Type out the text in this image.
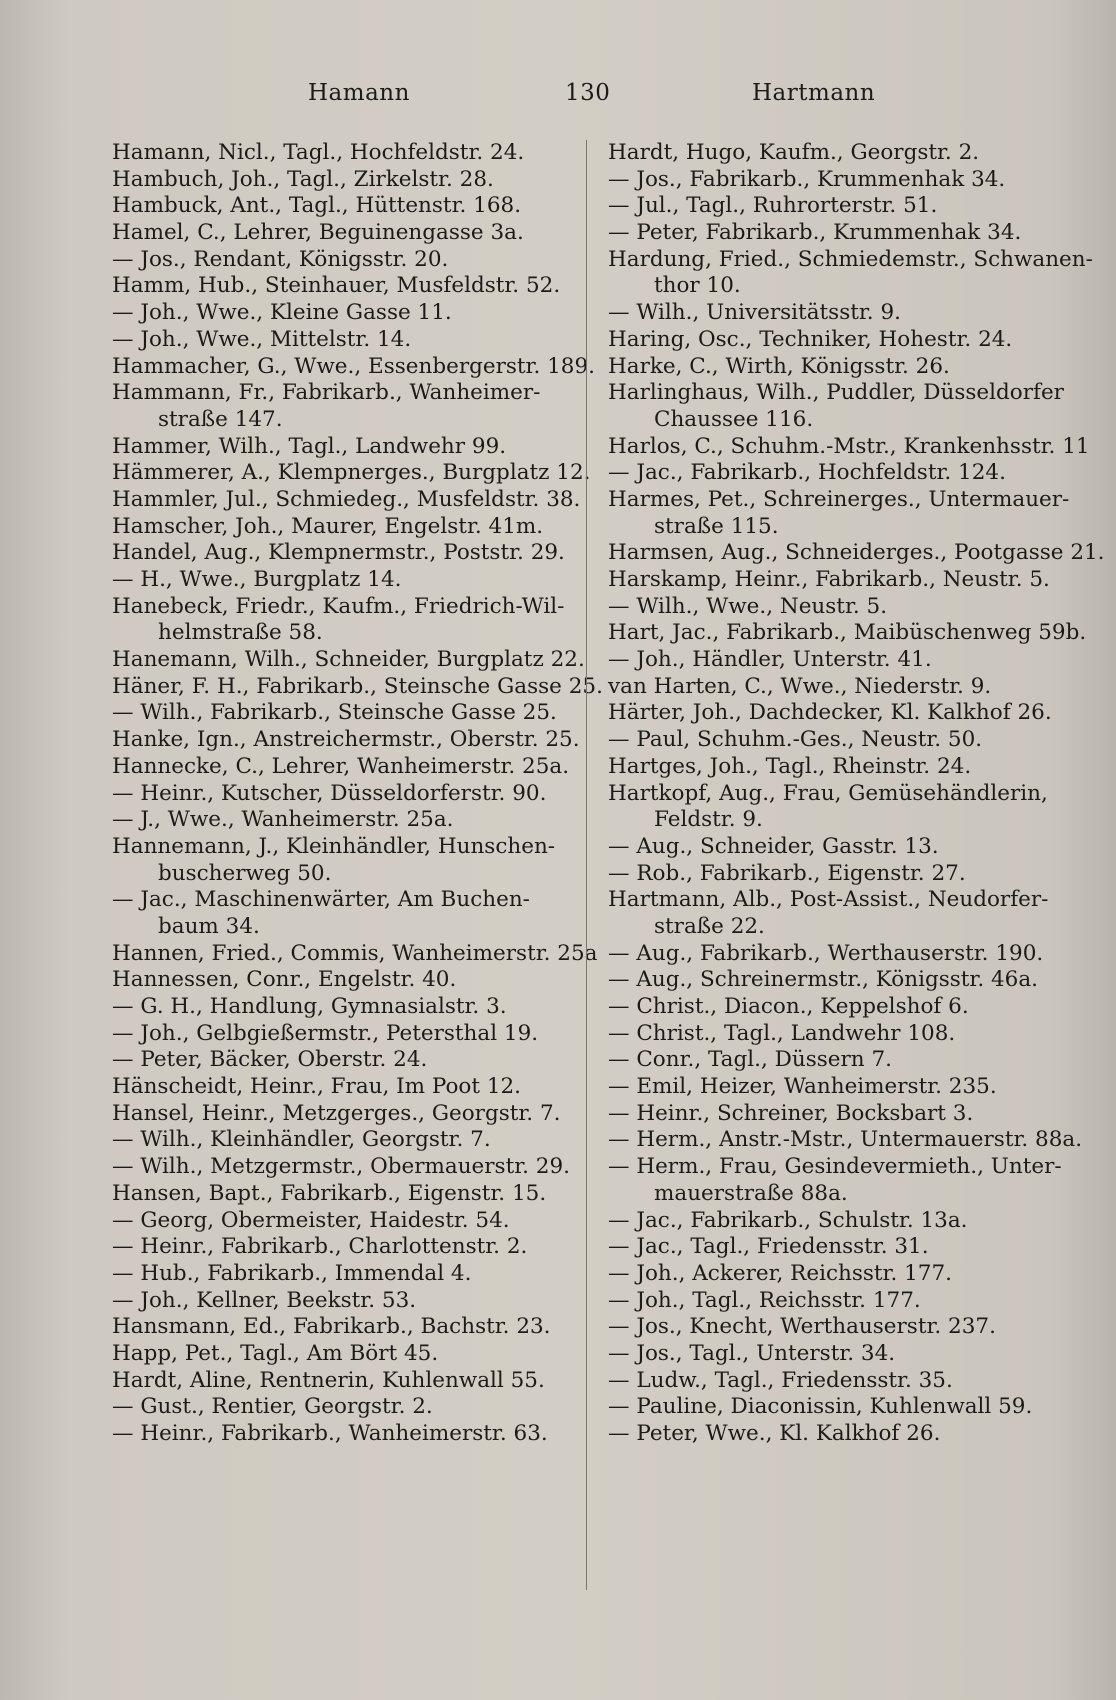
Hamann	130	Hartmann
Hamann, Nicl., Tagl., Hochfeldstr. 24.
Hambuch, Joh., Tagl., Zirkelstr. 28.
Hambuck, Ant., Tagl., Hüttenstr. 168.
Hamel, C., Lehrer, Beguinengasse 3a.
— Jos., Rendant, Königsstr. 20.
Hamm, Hub., Steinhauer, Musfeldstr. 52.
— Joh., Wwe., Kleine Gasse 11.
— Joh., Wwe., Mittelstr. 14.
Hammacher, G., Wwe., Essenbergerstr. 189.
Hammann, Fr., Fabrikarb., Wanheimer-
straße 147.
Hammer, Wilh., Tagl., Landwehr 99.
Hämmerer, A., Klempnerges., Burgplatz 12.
Hammler, Jul., Schmiedeg., Musfeldstr. 38.
Hamscher, Joh., Maurer, Engelstr. 41m.
Handel, Aug., Klempnermstr., Poststr. 29.
— H., Wwe., Burgplatz 14.
Hanebeck, Friedr., Kaufm., Friedrich-Wil-
helmstraße 58.
Hanemann, Wilh., Schneider, Burgplatz 22.
Häner, F. H., Fabrikarb., Steinsche Gasse 25.
— Wilh., Fabrikarb., Steinsche Gasse 25.
Hanke, Ign., Anstreichermstr., Oberstr. 25.
Hannecke, C., Lehrer, Wanheimerstr. 25a.
— Heinr., Kutscher, Düsseldorferstr. 90.
— J., Wwe., Wanheimerstr. 25a.
Hannemann, J., Kleinhändler, Hunschen-
buscherweg 50.
— Jac., Maschinenwärter, Am Buchen-
baum 34.
Hannen, Fried., Commis, Wanheimerstr. 25a
Hannessen, Conr., Engelstr. 40.
— G. H., Handlung, Gymnasialstr. 3.
— Joh., Gelbgießermstr., Petersthal 19.
— Peter, Bäcker, Oberstr. 24.
Hänscheidt, Heinr., Frau, Im Poot 12.
Hansel, Heinr., Metzgerges., Georgstr. 7.
— Wilh., Kleinhändler, Georgstr. 7.
— Wilh., Metzgermstr., Obermauerstr. 29.
Hansen, Bapt., Fabrikarb., Eigenstr. 15.
— Georg, Obermeister, Haidestr. 54.
— Heinr., Fabrikarb., Charlottenstr. 2.
— Hub., Fabrikarb., Immendal 4.
— Joh., Kellner, Beekstr. 53.
Hansmann, Ed., Fabrikarb., Bachstr. 23.
Happ, Pet., Tagl., Am Bört 45.
Hardt, Aline, Rentnerin, Kuhlenwall 55.
— Gust., Rentier, Georgstr. 2.
— Heinr., Fabrikarb., Wanheimerstr. 63.
Hardt, Hugo, Kaufm., Georgstr. 2.
— Jos., Fabrikarb., Krummenhak 34.
— Jul., Tagl., Ruhrorterstr. 51.
— Peter, Fabrikarb., Krummenhak 34.
Hardung, Fried., Schmiedemstr., Schwanen-
thor 10.
— Wilh., Universitätsstr. 9.
Haring, Osc., Techniker, Hohestr. 24.
Harke, C., Wirth, Königsstr. 26.
Harlinghaus, Wilh., Puddler, Düsseldorfer
Chaussee 116.
Harlos, C., Schuhm.-Mstr., Krankenhsstr. 11
— Jac., Fabrikarb., Hochfeldstr. 124.
Harmes, Pet., Schreinerges., Untermauer-
straße 115.
Harmsen, Aug., Schneiderges., Pootgasse 21.
Harskamp, Heinr., Fabrikarb., Neustr. 5.
— Wilh., Wwe., Neustr. 5.
Hart, Jac., Fabrikarb., Maibüschenweg 59b.
— Joh., Händler, Unterstr. 41.
van Harten, C., Wwe., Niederstr. 9.
Härter, Joh., Dachdecker, Kl. Kalkhof 26.
— Paul, Schuhm.-Ges., Neustr. 50.
Hartges, Joh., Tagl., Rheinstr. 24.
Hartkopf, Aug., Frau, Gemüsehändlerin,
Feldstr. 9.
— Aug., Schneider, Gasstr. 13.
— Rob., Fabrikarb., Eigenstr. 27.
Hartmann, Alb., Post-Assist., Neudorfer-
straße 22.
— Aug., Fabrikarb., Werthauserstr. 190.
— Aug., Schreinermstr., Königsstr. 46a.
— Christ., Diacon., Keppelshof 6.
— Christ., Tagl., Landwehr 108.
— Conr., Tagl., Düssern 7.
— Emil, Heizer, Wanheimerstr. 235.
— Heinr., Schreiner, Bocksbart 3.
— Herm., Anstr.-Mstr., Untermauerstr. 88a.
— Herm., Frau, Gesindevermieth., Unter-
mauerstraße 88a.
— Jac., Fabrikarb., Schulstr. 13a.
— Jac., Tagl., Friedensstr. 31.
— Joh., Ackerer, Reichsstr. 177.
— Joh., Tagl., Reichsstr. 177.
— Jos., Knecht, Werthauserstr. 237.
— Jos., Tagl., Unterstr. 34.
— Ludw., Tagl., Friedensstr. 35.
— Pauline, Diaconissin, Kuhlenwall 59.
— Peter, Wwe., Kl. Kalkhof 26.
